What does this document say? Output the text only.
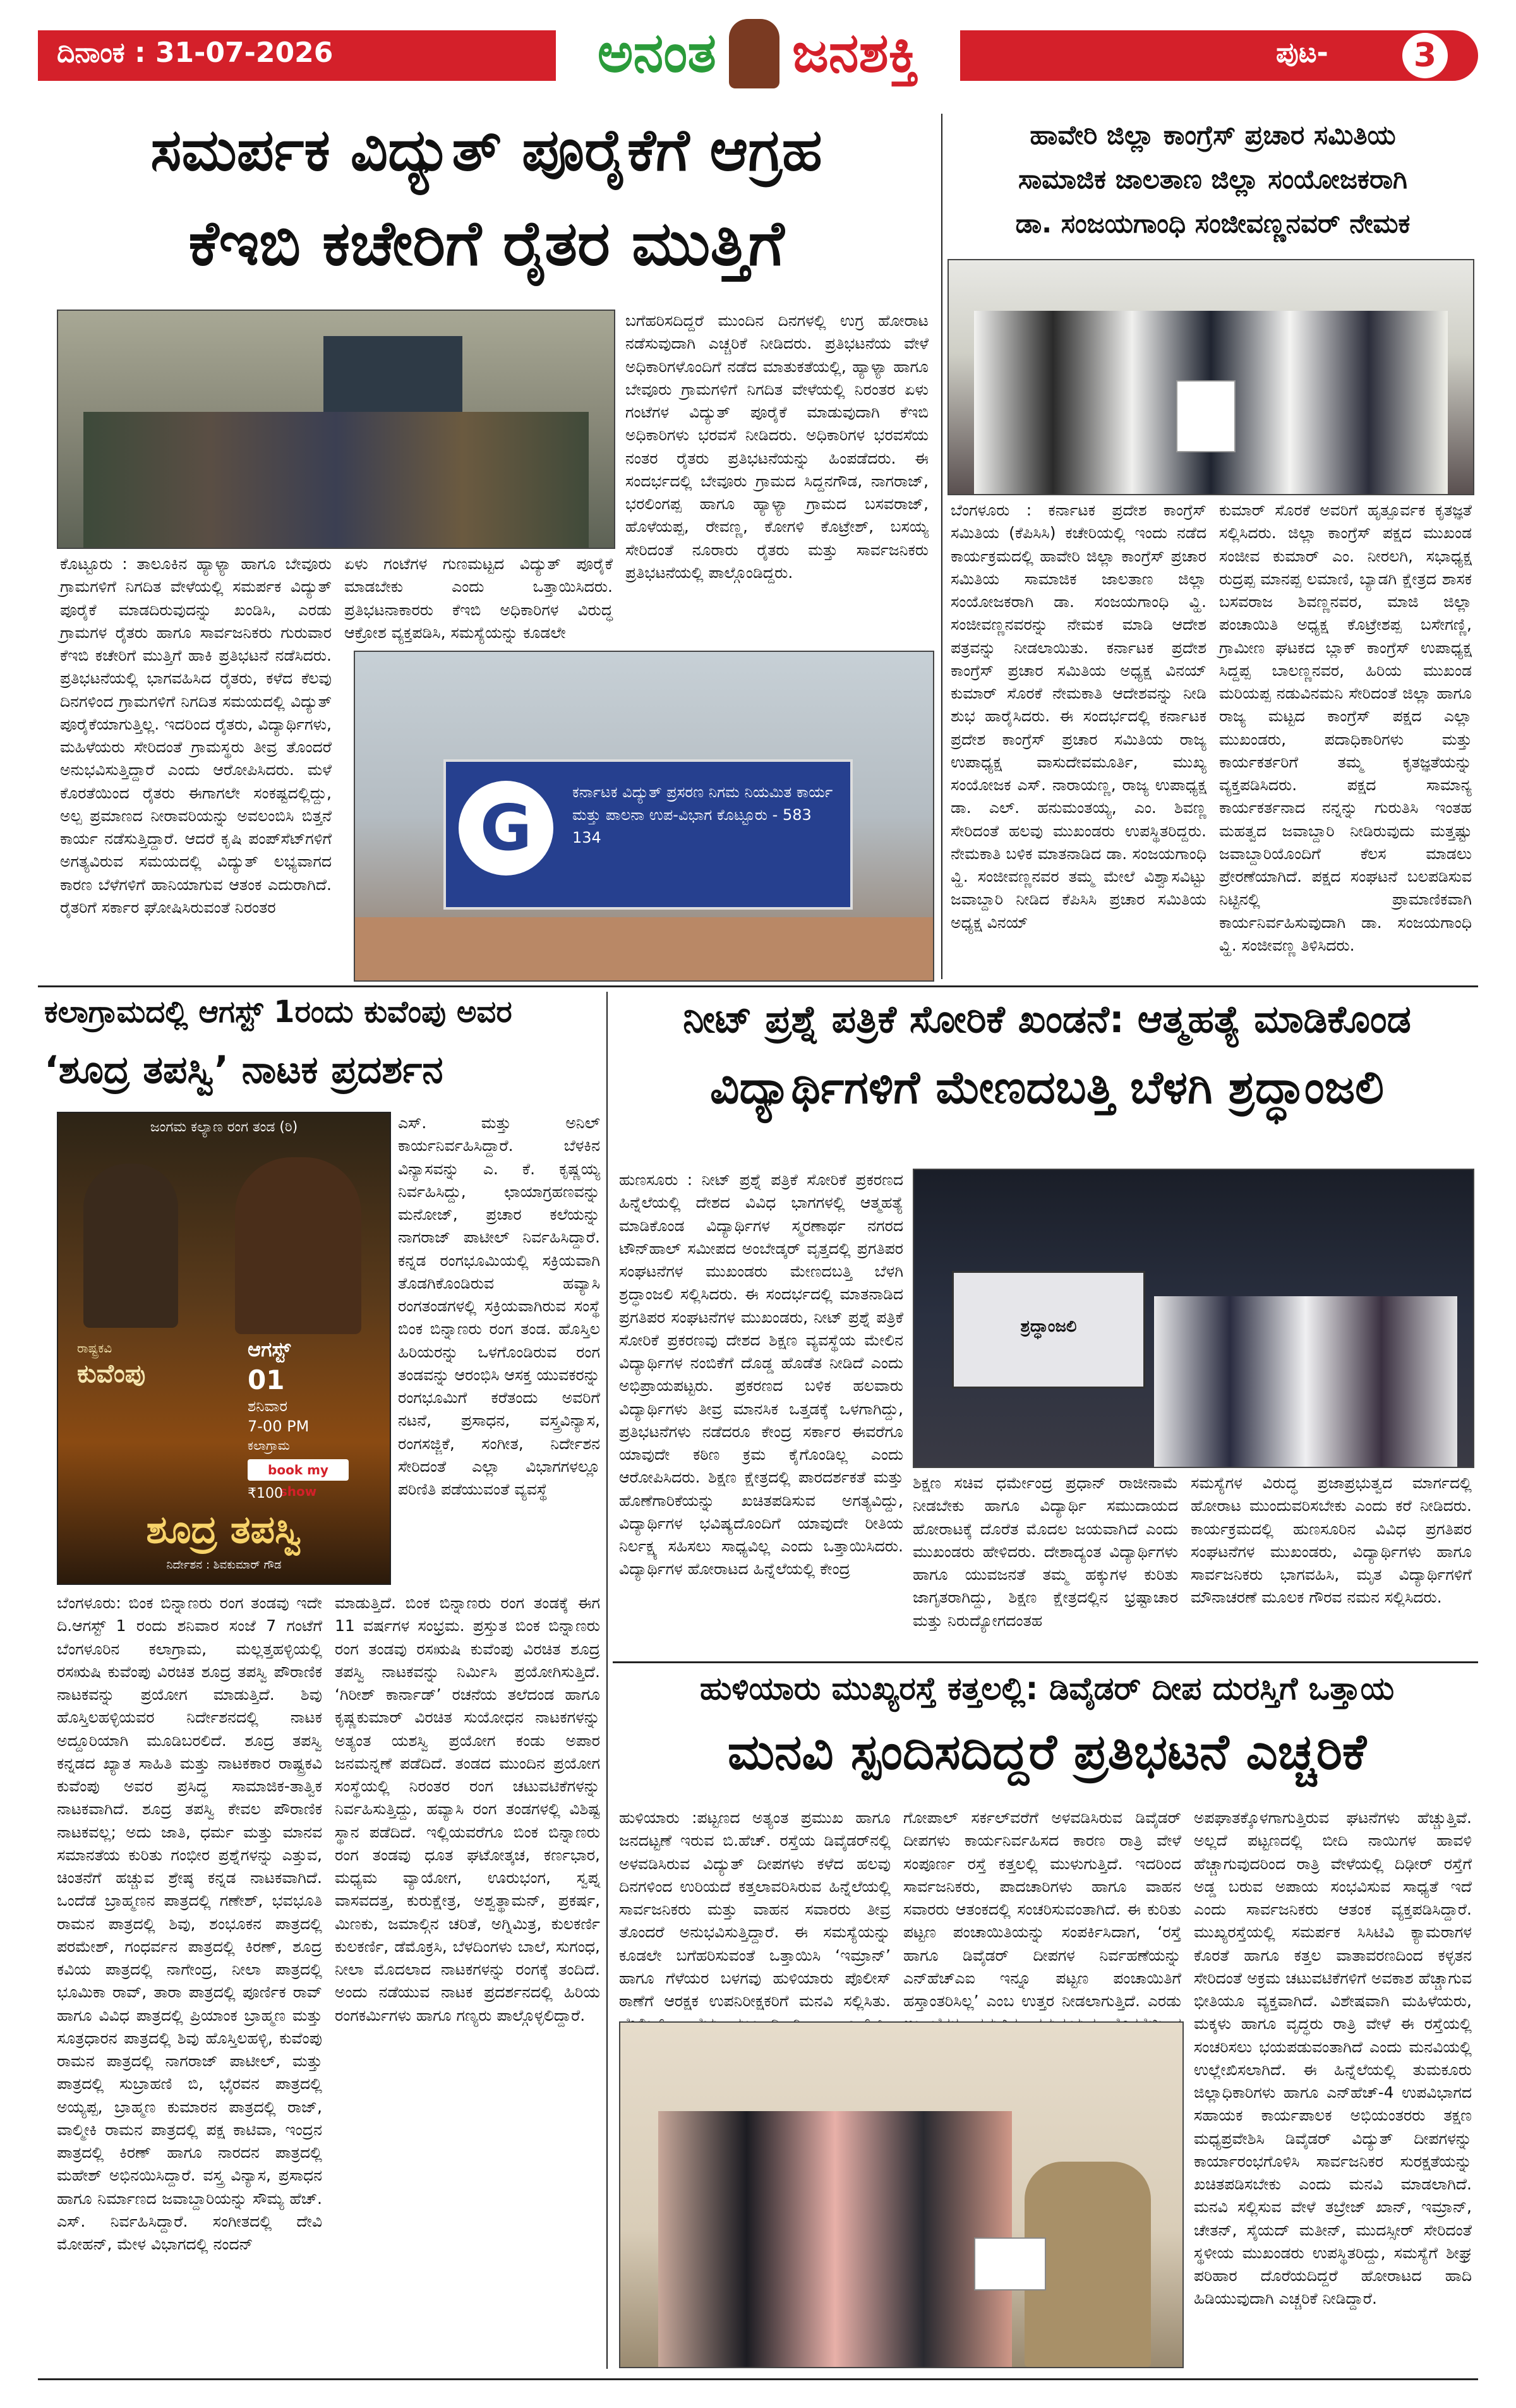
ದಿನಾಂಕ : 31-07-2026	ಅನಂತ ಜನಶಕ್ತಿ	ಪುಟ-	3
ಸಮರ್ಪಕ ವಿದ್ಯುತ್ ಪೂರೈಕೆಗೆ ಆಗ್ರಹ
ಕೆಇಬಿ ಕಚೇರಿಗೆ ರೈತರ ಮುತ್ತಿಗೆ
ಕೊಟ್ಟೂರು : ತಾಲೂಕಿನ ಹ್ಯಾಳ್ಯಾ ಹಾಗೂ ಬೇವೂರು ಗ್ರಾಮಗಳಿಗೆ ನಿಗದಿತ ವೇಳೆಯಲ್ಲಿ ಸಮರ್ಪಕ ವಿದ್ಯುತ್ ಪೂರೈಕೆ ಮಾಡದಿರುವುದನ್ನು ಖಂಡಿಸಿ, ಎರಡು ಗ್ರಾಮಗಳ ರೈತರು ಹಾಗೂ ಸಾರ್ವಜನಿಕರು ಗುರುವಾರ ಕೆಇಬಿ ಕಚೇರಿಗೆ ಮುತ್ತಿಗೆ ಹಾಕಿ ಪ್ರತಿಭಟನೆ ನಡೆಸಿದರು. ಪ್ರತಿಭಟನೆಯಲ್ಲಿ ಭಾಗವಹಿಸಿದ ರೈತರು, ಕಳೆದ ಕೆಲವು ದಿನಗಳಿಂದ ಗ್ರಾಮಗಳಿಗೆ ನಿಗದಿತ ಸಮಯದಲ್ಲಿ ವಿದ್ಯುತ್ ಪೂರೈಕೆಯಾಗುತ್ತಿಲ್ಲ. ಇದರಿಂದ ರೈತರು, ವಿದ್ಯಾರ್ಥಿಗಳು, ಮಹಿಳೆಯರು ಸೇರಿದಂತೆ ಗ್ರಾಮಸ್ಥರು ತೀವ್ರ ತೊಂದರೆ ಅನುಭವಿಸುತ್ತಿದ್ದಾರೆ ಎಂದು ಆರೋಪಿಸಿದರು. ಮಳೆ ಕೊರತೆಯಿಂದ ರೈತರು ಈಗಾಗಲೇ ಸಂಕಷ್ಟದಲ್ಲಿದ್ದು, ಅಲ್ಪ ಪ್ರಮಾಣದ ನೀರಾವರಿಯನ್ನು ಅವಲಂಬಿಸಿ ಬಿತ್ತನೆ ಕಾರ್ಯ ನಡೆಸುತ್ತಿದ್ದಾರೆ. ಆದರೆ ಕೃಷಿ ಪಂಪ್‌ಸೆಟ್‌ಗಳಿಗೆ ಅಗತ್ಯವಿರುವ ಸಮಯದಲ್ಲಿ ವಿದ್ಯುತ್ ಲಭ್ಯವಾಗದ ಕಾರಣ ಬೆಳೆಗಳಿಗೆ ಹಾನಿಯಾಗುವ ಆತಂಕ ಎದುರಾಗಿದೆ. ರೈತರಿಗೆ ಸರ್ಕಾರ ಘೋಷಿಸಿರುವಂತೆ ನಿರಂತರ
ಏಳು ಗಂಟೆಗಳ ಗುಣಮಟ್ಟದ ವಿದ್ಯುತ್ ಪೂರೈಕೆ ಮಾಡಬೇಕು ಎಂದು ಒತ್ತಾಯಿಸಿದರು. ಪ್ರತಿಭಟನಾಕಾರರು ಕೆಇಬಿ ಅಧಿಕಾರಿಗಳ ವಿರುದ್ಧ ಆಕ್ರೋಶ ವ್ಯಕ್ತಪಡಿಸಿ, ಸಮಸ್ಯೆಯನ್ನು ಕೂಡಲೇ
ಬಗೆಹರಿಸದಿದ್ದರೆ ಮುಂದಿನ ದಿನಗಳಲ್ಲಿ ಉಗ್ರ ಹೋರಾಟ ನಡೆಸುವುದಾಗಿ ಎಚ್ಚರಿಕೆ ನೀಡಿದರು. ಪ್ರತಿಭಟನೆಯ ವೇಳೆ ಅಧಿಕಾರಿಗಳೊಂದಿಗೆ ನಡೆದ ಮಾತುಕತೆಯಲ್ಲಿ, ಹ್ಯಾಳ್ಯಾ ಹಾಗೂ ಬೇವೂರು ಗ್ರಾಮಗಳಿಗೆ ನಿಗದಿತ ವೇಳೆಯಲ್ಲಿ ನಿರಂತರ ಏಳು ಗಂಟೆಗಳ ವಿದ್ಯುತ್ ಪೂರೈಕೆ ಮಾಡುವುದಾಗಿ ಕೆಇಬಿ ಅಧಿಕಾರಿಗಳು ಭರವಸೆ ನೀಡಿದರು. ಅಧಿಕಾರಿಗಳ ಭರವಸೆಯ ನಂತರ ರೈತರು ಪ್ರತಿಭಟನೆಯನ್ನು ಹಿಂಪಡೆದರು. ಈ ಸಂದರ್ಭದಲ್ಲಿ ಬೇವೂರು ಗ್ರಾಮದ ಸಿದ್ದನಗೌಡ, ನಾಗರಾಜ್, ಭರಲಿಂಗಪ್ಪ ಹಾಗೂ ಹ್ಯಾಳ್ಯಾ ಗ್ರಾಮದ ಬಸವರಾಜ್, ಹೊಳೆಯಪ್ಪ, ರೇವಣ್ಣ, ಕೋಗಳಿ ಕೊಟ್ರೇಶ್, ಬಸಯ್ಯ ಸೇರಿದಂತೆ ನೂರಾರು ರೈತರು ಮತ್ತು ಸಾರ್ವಜನಿಕರು ಪ್ರತಿಭಟನೆಯಲ್ಲಿ ಪಾಲ್ಗೊಂಡಿದ್ದರು.
G	ಕರ್ನಾಟಕ ವಿದ್ಯುತ್ ಪ್ರಸರಣ ನಿಗಮ ನಿಯಮಿತ ಕಾರ್ಯ ಮತ್ತು ಪಾಲನಾ ಉಪ-ವಿಭಾಗ ಕೊಟ್ಟೂರು - 583 134
ಹಾವೇರಿ ಜಿಲ್ಲಾ ಕಾಂಗ್ರೆಸ್ ಪ್ರಚಾರ ಸಮಿತಿಯ
ಸಾಮಾಜಿಕ ಜಾಲತಾಣ ಜಿಲ್ಲಾ ಸಂಯೋಜಕರಾಗಿ
ಡಾ. ಸಂಜಯಗಾಂಧಿ ಸಂಜೀವಣ್ಣನವರ್ ನೇಮಕ
ಬೆಂಗಳೂರು : ಕರ್ನಾಟಕ ಪ್ರದೇಶ ಕಾಂಗ್ರೆಸ್ ಸಮಿತಿಯ (ಕೆಪಿಸಿಸಿ) ಕಚೇರಿಯಲ್ಲಿ ಇಂದು ನಡೆದ ಕಾರ್ಯಕ್ರಮದಲ್ಲಿ ಹಾವೇರಿ ಜಿಲ್ಲಾ ಕಾಂಗ್ರೆಸ್ ಪ್ರಚಾರ ಸಮಿತಿಯ ಸಾಮಾಜಿಕ ಜಾಲತಾಣ ಜಿಲ್ಲಾ ಸಂಯೋಜಕರಾಗಿ ಡಾ. ಸಂಜಯಗಾಂಧಿ ವ್ಹಿ. ಸಂಜೀವಣ್ಣನವರನ್ನು ನೇಮಕ ಮಾಡಿ ಆದೇಶ ಪತ್ರವನ್ನು ನೀಡಲಾಯಿತು. ಕರ್ನಾಟಕ ಪ್ರದೇಶ ಕಾಂಗ್ರೆಸ್ ಪ್ರಚಾರ ಸಮಿತಿಯ ಅಧ್ಯಕ್ಷ ವಿನಯ್ ಕುಮಾರ್ ಸೊರಕೆ ನೇಮಕಾತಿ ಆದೇಶವನ್ನು ನೀಡಿ ಶುಭ ಹಾರೈಸಿದರು. ಈ ಸಂದರ್ಭದಲ್ಲಿ ಕರ್ನಾಟಕ ಪ್ರದೇಶ ಕಾಂಗ್ರೆಸ್ ಪ್ರಚಾರ ಸಮಿತಿಯ ರಾಜ್ಯ ಉಪಾಧ್ಯಕ್ಷ ವಾಸುದೇವಮೂರ್ತಿ, ಮುಖ್ಯ ಸಂಯೋಜಕ ಎಸ್. ನಾರಾಯಣ್ಣ, ರಾಜ್ಯ ಉಪಾಧ್ಯಕ್ಷ ಡಾ. ಎಲ್. ಹನುಮಂತಯ್ಯ, ಎಂ. ಶಿವಣ್ಣ ಸೇರಿದಂತೆ ಹಲವು ಮುಖಂಡರು ಉಪಸ್ಥಿತರಿದ್ದರು. ನೇಮಕಾತಿ ಬಳಿಕ ಮಾತನಾಡಿದ ಡಾ. ಸಂಜಯಗಾಂಧಿ ವ್ಹಿ. ಸಂಜೀವಣ್ಣನವರ ತಮ್ಮ ಮೇಲೆ ವಿಶ್ವಾಸವಿಟ್ಟು ಜವಾಬ್ದಾರಿ ನೀಡಿದ ಕೆಪಿಸಿಸಿ ಪ್ರಚಾರ ಸಮಿತಿಯ ಅಧ್ಯಕ್ಷ ವಿನಯ್
ಕುಮಾರ್ ಸೊರಕೆ ಅವರಿಗೆ ಹೃತ್ಪೂರ್ವಕ ಕೃತಜ್ಞತೆ ಸಲ್ಲಿಸಿದರು. ಜಿಲ್ಲಾ ಕಾಂಗ್ರೆಸ್ ಪಕ್ಷದ ಮುಖಂಡ ಸಂಜೀವ ಕುಮಾರ್ ಎಂ. ನೀರಲಗಿ, ಸಭಾಧ್ಯಕ್ಷ ರುದ್ರಪ್ಪ ಮಾನಪ್ಪ ಲಮಾಣಿ, ಬ್ಯಾಡಗಿ ಕ್ಷೇತ್ರದ ಶಾಸಕ ಬಸವರಾಜ ಶಿವಣ್ಣನವರ, ಮಾಜಿ ಜಿಲ್ಲಾ ಪಂಚಾಯಿತಿ ಅಧ್ಯಕ್ಷ ಕೊಟ್ರೇಶಪ್ಪ ಬಸೇಗಣ್ಣಿ, ಗ್ರಾಮೀಣ ಘಟಕದ ಬ್ಲಾಕ್ ಕಾಂಗ್ರೆಸ್ ಉಪಾಧ್ಯಕ್ಷ ಸಿದ್ದಪ್ಪ ಬಾಲಣ್ಣನವರ, ಹಿರಿಯ ಮುಖಂಡ ಮರಿಯಪ್ಪ ನಡುವಿನಮನಿ ಸೇರಿದಂತೆ ಜಿಲ್ಲಾ ಹಾಗೂ ರಾಜ್ಯ ಮಟ್ಟದ ಕಾಂಗ್ರೆಸ್ ಪಕ್ಷದ ಎಲ್ಲಾ ಮುಖಂಡರು, ಪದಾಧಿಕಾರಿಗಳು ಮತ್ತು ಕಾರ್ಯಕರ್ತರಿಗೆ ತಮ್ಮ ಕೃತಜ್ಞತೆಯನ್ನು ವ್ಯಕ್ತಪಡಿಸಿದರು. ಪಕ್ಷದ ಸಾಮಾನ್ಯ ಕಾರ್ಯಕರ್ತನಾದ ನನ್ನನ್ನು ಗುರುತಿಸಿ ಇಂತಹ ಮಹತ್ವದ ಜವಾಬ್ದಾರಿ ನೀಡಿರುವುದು ಮತ್ತಷ್ಟು ಜವಾಬ್ದಾರಿಯೊಂದಿಗೆ ಕೆಲಸ ಮಾಡಲು ಪ್ರೇರಣೆಯಾಗಿದೆ. ಪಕ್ಷದ ಸಂಘಟನೆ ಬಲಪಡಿಸುವ ನಿಟ್ಟಿನಲ್ಲಿ ಪ್ರಾಮಾಣಿಕವಾಗಿ ಕಾರ್ಯನಿರ್ವಹಿಸುವುದಾಗಿ ಡಾ. ಸಂಜಯಗಾಂಧಿ ವ್ಹಿ. ಸಂಜೀವಣ್ಣ ತಿಳಿಸಿದರು.
ಕಲಾಗ್ರಾಮದಲ್ಲಿ ಆಗಸ್ಟ್ 1ರಂದು ಕುವೆಂಪು ಅವರ
‘ಶೂದ್ರ ತಪಸ್ವಿ’ ನಾಟಕ ಪ್ರದರ್ಶನ
ಜಂಗಮ ಕಲ್ಯಾಣ ರಂಗ ತಂಡ (ರಿ)
ರಾಷ್ಟ್ರಕವಿ
ಕುವೆಂಪು
ಆಗಸ್ಟ್
01
ಶನಿವಾರ
7-00 PM
ಕಲಾಗ್ರಾಮ
book my show
₹100
ಶೂದ್ರ ತಪಸ್ವಿ
ನಿರ್ದೇಶನ : ಶಿವಕುಮಾರ್ ಗೌಡ
ಎಸ್. ಮತ್ತು ಅನಿಲ್ ಕಾರ್ಯನಿರ್ವಹಿಸಿದ್ದಾರೆ. ಬೆಳಕಿನ ವಿನ್ಯಾಸವನ್ನು ಎ. ಕೆ. ಕೃಷ್ಣಯ್ಯ ನಿರ್ವಹಿಸಿದ್ದು, ಛಾಯಾಗ್ರಹಣವನ್ನು ಮನೋಜ್, ಪ್ರಚಾರ ಕಲೆಯನ್ನು ನಾಗರಾಜ್ ಪಾಟೀಲ್ ನಿರ್ವಹಿಸಿದ್ದಾರೆ. ಕನ್ನಡ ರಂಗಭೂಮಿಯಲ್ಲಿ ಸಕ್ರಿಯವಾಗಿ ತೊಡಗಿಕೊಂಡಿರುವ ಹವ್ಯಾಸಿ ರಂಗತಂಡಗಳಲ್ಲಿ ಸಕ್ರಿಯವಾಗಿರುವ ಸಂಸ್ಥೆ ಬಿಂಕ ಬಿನ್ನಾಣರು ರಂಗ ತಂಡ. ಹೊಸ್ತಿಲ ಹಿರಿಯರನ್ನು ಒಳಗೊಂಡಿರುವ ರಂಗ ತಂಡವನ್ನು ಆರಂಭಿಸಿ ಆಸಕ್ತ ಯುವಕರನ್ನು ರಂಗಭೂಮಿಗೆ ಕರೆತಂದು ಅವರಿಗೆ ನಟನೆ, ಪ್ರಸಾಧನ, ವಸ್ತ್ರವಿನ್ಯಾಸ, ರಂಗಸಜ್ಜಿಕೆ, ಸಂಗೀತ, ನಿರ್ದೇಶನ ಸೇರಿದಂತೆ ಎಲ್ಲಾ ವಿಭಾಗಗಳಲ್ಲೂ ಪರಿಣಿತಿ ಪಡೆಯುವಂತೆ ವ್ಯವಸ್ಥೆ
ಬೆಂಗಳೂರು: ಬಿಂಕ ಬಿನ್ನಾಣರು ರಂಗ ತಂಡವು ಇದೇ ದಿ.ಆಗಸ್ಟ್ 1 ರಂದು ಶನಿವಾರ ಸಂಜೆ 7 ಗಂಟೆಗೆ ಬೆಂಗಳೂರಿನ ಕಲಾಗ್ರಾಮ, ಮಲ್ಲತ್ತಹಳ್ಳಿಯಲ್ಲಿ ರಸಋಷಿ ಕುವೆಂಪು ವಿರಚಿತ ಶೂದ್ರ ತಪಸ್ವಿ ಪೌರಾಣಿಕ ನಾಟಕವನ್ನು ಪ್ರಯೋಗ ಮಾಡುತ್ತಿದೆ. ಶಿವು ಹೊಸ್ತಿಲಹಳ್ಳಿಯವರ ನಿರ್ದೇಶನದಲ್ಲಿ ನಾಟಕ ಅದ್ದೂರಿಯಾಗಿ ಮೂಡಿಬರಲಿದೆ. ಶೂದ್ರ ತಪಸ್ವಿ ಕನ್ನಡದ ಖ್ಯಾತ ಸಾಹಿತಿ ಮತ್ತು ನಾಟಕಕಾರ ರಾಷ್ಟ್ರಕವಿ ಕುವೆಂಪು ಅವರ ಪ್ರಸಿದ್ಧ ಸಾಮಾಜಿಕ-ತಾತ್ವಿಕ ನಾಟಕವಾಗಿದೆ. ಶೂದ್ರ ತಪಸ್ವಿ ಕೇವಲ ಪೌರಾಣಿಕ ನಾಟಕವಲ್ಲ; ಅದು ಜಾತಿ, ಧರ್ಮ ಮತ್ತು ಮಾನವ ಸಮಾನತೆಯ ಕುರಿತು ಗಂಭೀರ ಪ್ರಶ್ನೆಗಳನ್ನು ಎತ್ತುವ, ಚಿಂತನೆಗೆ ಹಚ್ಚುವ ಶ್ರೇಷ್ಠ ಕನ್ನಡ ನಾಟಕವಾಗಿದೆ. ಒಂದೆಡೆ ಬ್ರಾಹ್ಮಣನ ಪಾತ್ರದಲ್ಲಿ ಗಣೇಶ್, ಭವಭೂತಿ ರಾಮನ ಪಾತ್ರದಲ್ಲಿ ಶಿವು, ಶಂಭೂಕನ ಪಾತ್ರದಲ್ಲಿ ಪರಮೇಶ್, ಗಂಧರ್ವನ ಪಾತ್ರದಲ್ಲಿ ಕಿರಣ್, ಶೂದ್ರ ಕವಿಯ ಪಾತ್ರದಲ್ಲಿ ನಾಗೇಂದ್ರ, ನೀಲಾ ಪಾತ್ರದಲ್ಲಿ ಭೂಮಿಕಾ ರಾವ್, ತಾರಾ ಪಾತ್ರದಲ್ಲಿ ಪೂರ್ಣಿಕ ರಾವ್ ಹಾಗೂ ವಿವಿಧ ಪಾತ್ರದಲ್ಲಿ ಪ್ರಿಯಾಂಕ ಬ್ರಾಹ್ಮಣ ಮತ್ತು ಸೂತ್ರಧಾರನ ಪಾತ್ರದಲ್ಲಿ ಶಿವು ಹೊಸ್ತಿಲಹಳ್ಳಿ, ಕುವೆಂಪು ರಾಮನ ಪಾತ್ರದಲ್ಲಿ ನಾಗರಾಜ್ ಪಾಟೀಲ್, ಮತ್ತು ಪಾತ್ರದಲ್ಲಿ ಸುಬ್ರಾಹಣಿ ಬಿ, ಭೈರವನ ಪಾತ್ರದಲ್ಲಿ ಅಯ್ಯಪ್ಪ, ಬ್ರಾಹ್ಮಣ ಕುಮಾರನ ಪಾತ್ರದಲ್ಲಿ ರಾಜ್, ವಾಲ್ಮೀಕಿ ರಾಮನ ಪಾತ್ರದಲ್ಲಿ ಪಕ್ಷ ಕಾಟಿವಾ, ಇಂದ್ರನ ಪಾತ್ರದಲ್ಲಿ ಕಿರಣ್ ಹಾಗೂ ನಾರದನ ಪಾತ್ರದಲ್ಲಿ ಮಹೇಶ್ ಅಭಿನಯಿಸಿದ್ದಾರೆ. ವಸ್ತ್ರ ವಿನ್ಯಾಸ, ಪ್ರಸಾಧನ ಹಾಗೂ ನಿರ್ಮಾಣದ ಜವಾಬ್ದಾರಿಯನ್ನು ಸೌಮ್ಯ ಹೆಚ್. ಎಸ್. ನಿರ್ವಹಿಸಿದ್ದಾರೆ. ಸಂಗೀತದಲ್ಲಿ ದೇವಿ ಮೋಹನ್, ಮೇಳ ವಿಭಾಗದಲ್ಲಿ ನಂದನ್
ಮಾಡುತ್ತಿದೆ. ಬಿಂಕ ಬಿನ್ನಾಣರು ರಂಗ ತಂಡಕ್ಕೆ ಈಗ 11 ವರ್ಷಗಳ ಸಂಭ್ರಮ. ಪ್ರಸ್ತುತ ಬಿಂಕ ಬಿನ್ನಾಣರು ರಂಗ ತಂಡವು ರಸಋಷಿ ಕುವೆಂಪು ವಿರಚಿತ ಶೂದ್ರ ತಪಸ್ವಿ ನಾಟಕವನ್ನು ನಿರ್ಮಿಸಿ ಪ್ರಯೋಗಿಸುತ್ತಿದೆ. ‘ಗಿರೀಶ್ ಕಾರ್ನಾಡ್’ ರಚನೆಯ ತಲೆದಂಡ ಹಾಗೂ ಕೃಷ್ಣಕುಮಾರ್ ವಿರಚಿತ ಸುಯೋಧನ ನಾಟಕಗಳನ್ನು ಅತ್ಯಂತ ಯಶಸ್ವಿ ಪ್ರಯೋಗ ಕಂಡು ಅಪಾರ ಜನಮನ್ನಣೆ ಪಡೆದಿದೆ. ತಂಡದ ಮುಂದಿನ ಪ್ರಯೋಗ ಸಂಸ್ಥೆಯಲ್ಲಿ ನಿರಂತರ ರಂಗ ಚಟುವಟಿಕೆಗಳನ್ನು ನಿರ್ವಹಿಸುತ್ತಿದ್ದು, ಹವ್ಯಾಸಿ ರಂಗ ತಂಡಗಳಲ್ಲಿ ವಿಶಿಷ್ಟ ಸ್ಥಾನ ಪಡೆದಿದೆ. ಇಲ್ಲಿಯವರೆಗೂ ಬಿಂಕ ಬಿನ್ನಾಣರು ರಂಗ ತಂಡವು ಧೂತ ಘಟೋತ್ಕಚ, ಕರ್ಣಭಾರ, ಮಧ್ಯಮ ವ್ಯಾಯೋಗ, ಊರುಭಂಗ, ಸ್ವಪ್ನ ವಾಸವದತ್ತ, ಕುರುಕ್ಷೇತ್ರ, ಅಶ್ವತ್ಥಾಮನ್, ಪ್ರಕರ್ಷ, ಮಿಣಕು, ಜಮಾಲ್ಗಿನ ಚರಿತೆ, ಅಗ್ನಿಮಿತ್ರ, ಕುಲಕರ್ಣಿ ಕುಲಕರ್ಣಿ, ಡೆಮೊಕ್ರಸಿ, ಬೆಳದಿಂಗಳು ಬಾಲೆ, ಸುಗಂಧ, ನೀಲಾ ಮೊದಲಾದ ನಾಟಕಗಳನ್ನು ರಂಗಕ್ಕೆ ತಂದಿದೆ. ಅಂದು ನಡೆಯುವ ನಾಟಕ ಪ್ರದರ್ಶನದಲ್ಲಿ ಹಿರಿಯ ರಂಗಕರ್ಮಿಗಳು ಹಾಗೂ ಗಣ್ಯರು ಪಾಲ್ಗೊಳ್ಳಲಿದ್ದಾರೆ.
ನೀಟ್ ಪ್ರಶ್ನೆ ಪತ್ರಿಕೆ ಸೋರಿಕೆ ಖಂಡನೆ: ಆತ್ಮಹತ್ಯೆ ಮಾಡಿಕೊಂಡ
ವಿದ್ಯಾರ್ಥಿಗಳಿಗೆ ಮೇಣದಬತ್ತಿ ಬೆಳಗಿ ಶ್ರದ್ಧಾಂಜಲಿ
ಹುಣಸೂರು : ನೀಟ್ ಪ್ರಶ್ನೆ ಪತ್ರಿಕೆ ಸೋರಿಕೆ ಪ್ರಕರಣದ ಹಿನ್ನೆಲೆಯಲ್ಲಿ ದೇಶದ ವಿವಿಧ ಭಾಗಗಳಲ್ಲಿ ಆತ್ಮಹತ್ಯೆ ಮಾಡಿಕೊಂಡ ವಿದ್ಯಾರ್ಥಿಗಳ ಸ್ಮರಣಾರ್ಥ ನಗರದ ಟೌನ್‌ಹಾಲ್ ಸಮೀಪದ ಅಂಬೇಡ್ಕರ್ ವೃತ್ತದಲ್ಲಿ ಪ್ರಗತಿಪರ ಸಂಘಟನೆಗಳ ಮುಖಂಡರು ಮೇಣದಬತ್ತಿ ಬೆಳಗಿ ಶ್ರದ್ಧಾಂಜಲಿ ಸಲ್ಲಿಸಿದರು. ಈ ಸಂದರ್ಭದಲ್ಲಿ ಮಾತನಾಡಿದ ಪ್ರಗತಿಪರ ಸಂಘಟನೆಗಳ ಮುಖಂಡರು, ನೀಟ್ ಪ್ರಶ್ನೆ ಪತ್ರಿಕೆ ಸೋರಿಕೆ ಪ್ರಕರಣವು ದೇಶದ ಶಿಕ್ಷಣ ವ್ಯವಸ್ಥೆಯ ಮೇಲಿನ ವಿದ್ಯಾರ್ಥಿಗಳ ನಂಬಿಕೆಗೆ ದೊಡ್ಡ ಹೊಡೆತ ನೀಡಿದೆ ಎಂದು ಅಭಿಪ್ರಾಯಪಟ್ಟರು. ಪ್ರಕರಣದ ಬಳಿಕ ಹಲವಾರು ವಿದ್ಯಾರ್ಥಿಗಳು ತೀವ್ರ ಮಾನಸಿಕ ಒತ್ತಡಕ್ಕೆ ಒಳಗಾಗಿದ್ದು, ಪ್ರತಿಭಟನೆಗಳು ನಡೆದರೂ ಕೇಂದ್ರ ಸರ್ಕಾರ ಈವರೆಗೂ ಯಾವುದೇ ಕಠಿಣ ಕ್ರಮ ಕೈಗೊಂಡಿಲ್ಲ ಎಂದು ಆರೋಪಿಸಿದರು. ಶಿಕ್ಷಣ ಕ್ಷೇತ್ರದಲ್ಲಿ ಪಾರದರ್ಶಕತೆ ಮತ್ತು ಹೊಣೆಗಾರಿಕೆಯನ್ನು ಖಚಿತಪಡಿಸುವ ಅಗತ್ಯವಿದ್ದು, ವಿದ್ಯಾರ್ಥಿಗಳ ಭವಿಷ್ಯದೊಂದಿಗೆ ಯಾವುದೇ ರೀತಿಯ ನಿರ್ಲಕ್ಷ್ಯ ಸಹಿಸಲು ಸಾಧ್ಯವಿಲ್ಲ ಎಂದು ಒತ್ತಾಯಿಸಿದರು. ವಿದ್ಯಾರ್ಥಿಗಳ ಹೋರಾಟದ ಹಿನ್ನೆಲೆಯಲ್ಲಿ ಕೇಂದ್ರ
ಶ್ರದ್ಧಾಂಜಲಿ
ಶಿಕ್ಷಣ ಸಚಿವ ಧರ್ಮೇಂದ್ರ ಪ್ರಧಾನ್ ರಾಜೀನಾಮೆ ನೀಡಬೇಕು ಹಾಗೂ ವಿದ್ಯಾರ್ಥಿ ಸಮುದಾಯದ ಹೋರಾಟಕ್ಕೆ ದೊರೆತ ಮೊದಲ ಜಯವಾಗಿದೆ ಎಂದು ಮುಖಂಡರು ಹೇಳಿದರು. ದೇಶಾದ್ಯಂತ ವಿದ್ಯಾರ್ಥಿಗಳು ಹಾಗೂ ಯುವಜನತೆ ತಮ್ಮ ಹಕ್ಕುಗಳ ಕುರಿತು ಜಾಗೃತರಾಗಿದ್ದು, ಶಿಕ್ಷಣ ಕ್ಷೇತ್ರದಲ್ಲಿನ ಭ್ರಷ್ಟಾಚಾರ ಮತ್ತು ನಿರುದ್ಯೋಗದಂತಹ
ಸಮಸ್ಯೆಗಳ ವಿರುದ್ಧ ಪ್ರಜಾಪ್ರಭುತ್ವದ ಮಾರ್ಗದಲ್ಲಿ ಹೋರಾಟ ಮುಂದುವರಿಸಬೇಕು ಎಂದು ಕರೆ ನೀಡಿದರು. ಕಾರ್ಯಕ್ರಮದಲ್ಲಿ ಹುಣಸೂರಿನ ವಿವಿಧ ಪ್ರಗತಿಪರ ಸಂಘಟನೆಗಳ ಮುಖಂಡರು, ವಿದ್ಯಾರ್ಥಿಗಳು ಹಾಗೂ ಸಾರ್ವಜನಿಕರು ಭಾಗವಹಿಸಿ, ಮೃತ ವಿದ್ಯಾರ್ಥಿಗಳಿಗೆ ಮೌನಾಚರಣೆ ಮೂಲಕ ಗೌರವ ನಮನ ಸಲ್ಲಿಸಿದರು.
ಹುಳಿಯಾರು ಮುಖ್ಯರಸ್ತೆ ಕತ್ತಲಲ್ಲಿ: ಡಿವೈಡರ್ ದೀಪ ದುರಸ್ತಿಗೆ ಒತ್ತಾಯ
ಮನವಿ ಸ್ಪಂದಿಸದಿದ್ದರೆ ಪ್ರತಿಭಟನೆ ಎಚ್ಚರಿಕೆ
ಹುಳಿಯಾರು :ಪಟ್ಟಣದ ಅತ್ಯಂತ ಪ್ರಮುಖ ಹಾಗೂ ಜನದಟ್ಟಣೆ ಇರುವ ಬಿ.ಹೆಚ್. ರಸ್ತೆಯ ಡಿವೈಡರ್‌ನಲ್ಲಿ ಅಳವಡಿಸಿರುವ ವಿದ್ಯುತ್ ದೀಪಗಳು ಕಳೆದ ಹಲವು ದಿನಗಳಿಂದ ಉರಿಯದೆ ಕತ್ತಲಾವರಿಸಿರುವ ಹಿನ್ನೆಲೆಯಲ್ಲಿ ಸಾರ್ವಜನಿಕರು ಮತ್ತು ವಾಹನ ಸವಾರರು ತೀವ್ರ ತೊಂದರೆ ಅನುಭವಿಸುತ್ತಿದ್ದಾರೆ. ಈ ಸಮಸ್ಯೆಯನ್ನು ಕೂಡಲೇ ಬಗೆಹರಿಸುವಂತೆ ಒತ್ತಾಯಿಸಿ ‘ಇಮ್ರಾನ್’ ಹಾಗೂ ಗೆಳೆಯರ ಬಳಗವು ಹುಳಿಯಾರು ಪೊಲೀಸ್ ಠಾಣೆಗೆ ಆರಕ್ಷಕ ಉಪನಿರೀಕ್ಷಕರಿಗೆ ಮನವಿ ಸಲ್ಲಿಸಿತು.
ಗೋಪಾಲ್ ಸರ್ಕಲ್‌ವರೆಗೆ ಅಳವಡಿಸಿರುವ ಡಿವೈಡರ್ ದೀಪಗಳು ಕಾರ್ಯನಿರ್ವಹಿಸದ ಕಾರಣ ರಾತ್ರಿ ವೇಳೆ ಸಂಪೂರ್ಣ ರಸ್ತೆ ಕತ್ತಲಲ್ಲಿ ಮುಳುಗುತ್ತಿದೆ. ಇದರಿಂದ ಸಾರ್ವಜನಿಕರು, ಪಾದಚಾರಿಗಳು ಹಾಗೂ ವಾಹನ ಸವಾರರು ಆತಂಕದಲ್ಲಿ ಸಂಚರಿಸುವಂತಾಗಿದೆ. ಈ ಕುರಿತು ಪಟ್ಟಣ ಪಂಚಾಯಿತಿಯನ್ನು ಸಂಪರ್ಕಿಸಿದಾಗ, ‘ರಸ್ತೆ ಹಾಗೂ ಡಿವೈಡರ್ ದೀಪಗಳ ನಿರ್ವಹಣೆಯನ್ನು ಎನ್‌ಹೆಚ್‌ಎಐ ಇನ್ನೂ ಪಟ್ಟಣ ಪಂಚಾಯಿತಿಗೆ ಹಸ್ತಾಂತರಿಸಿಲ್ಲ’ ಎಂಬ ಉತ್ತರ ನೀಡಲಾಗುತ್ತಿದೆ. ಎರಡು
ಅಪಘಾತಕ್ಕೊಳಗಾಗುತ್ತಿರುವ ಘಟನೆಗಳು ಹೆಚ್ಚುತ್ತಿವೆ. ಅಲ್ಲದೆ ಪಟ್ಟಣದಲ್ಲಿ ಬೀದಿ ನಾಯಿಗಳ ಹಾವಳಿ ಹೆಚ್ಚಾಗುವುದರಿಂದ ರಾತ್ರಿ ವೇಳೆಯಲ್ಲಿ ದಿಢೀರ್ ರಸ್ತೆಗೆ ಅಡ್ಡ ಬರುವ ಅಪಾಯ ಸಂಭವಿಸುವ ಸಾಧ್ಯತೆ ಇದೆ ಎಂದು ಸಾರ್ವಜನಿಕರು ಆತಂಕ ವ್ಯಕ್ತಪಡಿಸಿದ್ದಾರೆ. ಮುಖ್ಯರಸ್ತೆಯಲ್ಲಿ ಸಮರ್ಪಕ ಸಿಸಿಟಿವಿ ಕ್ಯಾಮರಾಗಳ ಕೊರತೆ ಹಾಗೂ ಕತ್ತಲ ವಾತಾವರಣದಿಂದ ಕಳ್ಳತನ ಸೇರಿದಂತೆ ಅಕ್ರಮ ಚಟುವಟಿಕೆಗಳಿಗೆ ಅವಕಾಶ ಹೆಚ್ಚಾಗುವ ಭೀತಿಯೂ ವ್ಯಕ್ತವಾಗಿದೆ. ವಿಶೇಷವಾಗಿ ಮಹಿಳೆಯರು, ಮಕ್ಕಳು ಹಾಗೂ ವೃದ್ಧರು ರಾತ್ರಿ ವೇಳೆ ಈ ರಸ್ತೆಯಲ್ಲಿ ಸಂಚರಿಸಲು ಭಯಪಡುವಂತಾಗಿದೆ ಎಂದು ಮನವಿಯಲ್ಲಿ ಉಲ್ಲೇಖಿಸಲಾಗಿದೆ. ಈ ಹಿನ್ನೆಲೆಯಲ್ಲಿ ತುಮಕೂರು ಜಿಲ್ಲಾಧಿಕಾರಿಗಳು ಹಾಗೂ ಎನ್‌ಹೆಚ್‌-4 ಉಪವಿಭಾಗದ ಸಹಾಯಕ ಕಾರ್ಯಪಾಲಕ ಅಭಿಯಂತರರು ತಕ್ಷಣ ಮಧ್ಯಪ್ರವೇಶಿಸಿ ಡಿವೈಡರ್ ವಿದ್ಯುತ್ ದೀಪಗಳನ್ನು ಕಾರ್ಯಾರಂಭಗೊಳಿಸಿ ಸಾರ್ವಜನಿಕರ ಸುರಕ್ಷತೆಯನ್ನು ಖಚಿತಪಡಿಸಬೇಕು ಎಂದು ಮನವಿ ಮಾಡಲಾಗಿದೆ. ಮನವಿ ಸಲ್ಲಿಸುವ ವೇಳೆ ತಬ್ರೇಜ್ ಖಾನ್, ಇಮ್ರಾನ್, ಚೇತನ್, ಸೈಯದ್ ಮತೀನ್, ಮುದಸ್ಸೀರ್ ಸೇರಿದಂತೆ ಸ್ಥಳೀಯ ಮುಖಂಡರು ಉಪಸ್ಥಿತರಿದ್ದು, ಸಮಸ್ಯೆಗೆ ಶೀಘ್ರ ಪರಿಹಾರ ದೊರೆಯದಿದ್ದರೆ ಹೋರಾಟದ ಹಾದಿ ಹಿಡಿಯುವುದಾಗಿ ಎಚ್ಚರಿಕೆ ನೀಡಿದ್ದಾರೆ.
